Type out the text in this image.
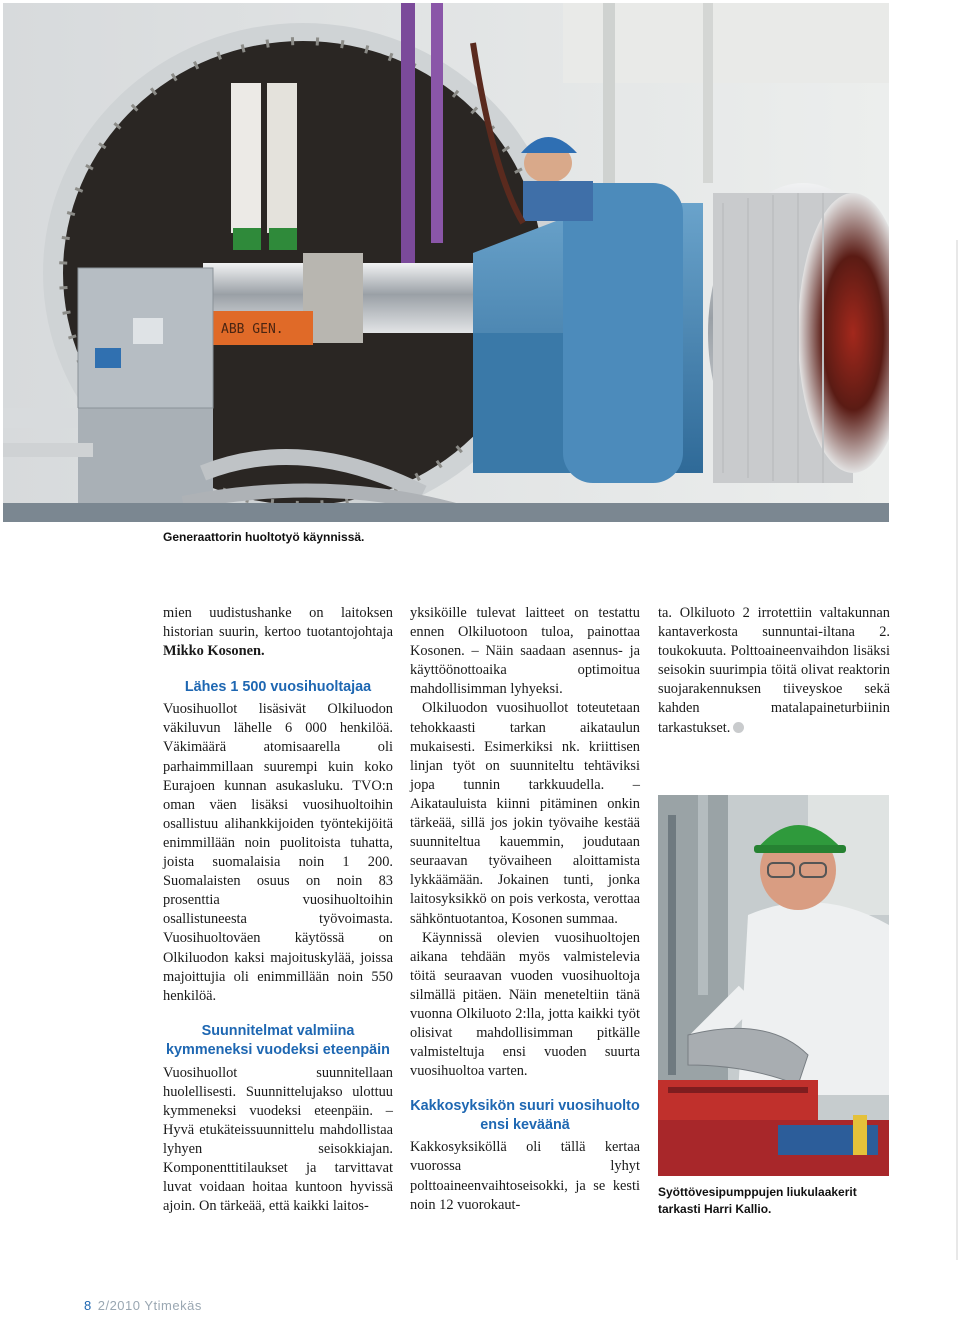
ABB GEN.
Generaattorin huoltotyö käynnissä.

mien uudistushanke on laitoksen historian suurin, kertoo tuotantojohtaja Mikko Kosonen.

Lähes 1 500 vuosihuoltajaa

Vuosihuollot lisäsivät Olkiluodon väkiluvun lähelle 6 000 henkilöä. Väkimäärä atomisaarella oli parhaimmillaan suurempi kuin koko Eurajoen kunnan asukasluku. TVO:n oman väen lisäksi vuosihuoltoihin osallistuu alihankkijoiden työntekijöitä enimmillään noin puolitoista tuhatta, joista suomalaisia noin 1 200. Suomalaisten osuus on noin 83 prosenttia vuosihuoltoihin osallistuneesta työvoimasta. Vuosihuoltoväen käytössä on Olkiluodon kaksi majoituskylää, joissa majoittujia oli enimmillään noin 550 henkilöä.

Suunnitelmat valmiina kymmeneksi vuodeksi eteenpäin

Vuosihuollot suunnitellaan huolellisesti. Suunnittelujakso ulottuu kymmeneksi vuodeksi eteenpäin. – Hyvä etukäteissuunnittelu mahdollistaa lyhyen seisokkiajan. Komponenttitilaukset ja tarvittavat luvat voidaan hoitaa kuntoon hyvissä ajoin. On tärkeää, että kaikki laitos-

yksiköille tulevat laitteet on testattu ennen Olkiluotoon tuloa, painottaa Kosonen. – Näin saadaan asennus- ja käyttöönottoaika optimoitua mahdollisimman lyhyeksi.

Olkiluodon vuosihuollot toteutetaan tehokkaasti tarkan aikataulun mukaisesti. Esimerkiksi nk. kriittisen linjan työt on suunniteltu tehtäviksi jopa tunnin tarkkuudella. – Aikatauluista kiinni pitäminen onkin tärkeää, sillä jos jokin työvaihe kestää suunniteltua kauemmin, joudutaan seuraavan työvaiheen aloittamista lykkäämään. Jokainen tunti, jonka laitosyksikkö on pois verkosta, verottaa sähköntuotantoa, Kosonen summaa.

Käynnissä olevien vuosihuoltojen aikana tehdään myös valmistelevia töitä seuraavan vuoden vuosihuoltoja silmällä pitäen. Näin meneteltiin tänä vuonna Olkiluoto 2:lla, jotta kaikki työt olisivat mahdollisimman pitkälle valmisteltuja ensi vuoden suurta vuosihuoltoa varten.

Kakkosyksikön suuri vuosihuolto ensi keväänä

Kakkosyksiköllä oli tällä kertaa vuorossa lyhyt polttoaineenvaihtoseisokki, ja se kesti noin 12 vuorokaut-

ta. Olkiluoto 2 irrotettiin valtakunnan kantaverkosta sunnuntai-iltana 2. toukokuuta. Polttoaineenvaihdon lisäksi seisokin suurimpia töitä olivat reaktorin suojarakennuksen tiiveyskoe sekä kahden matalapaineturbiinin tarkastukset.

Syöttövesipumppujen liukulaakerit tarkasti Harri Kallio.
8 2/2010 Ytimekäs
